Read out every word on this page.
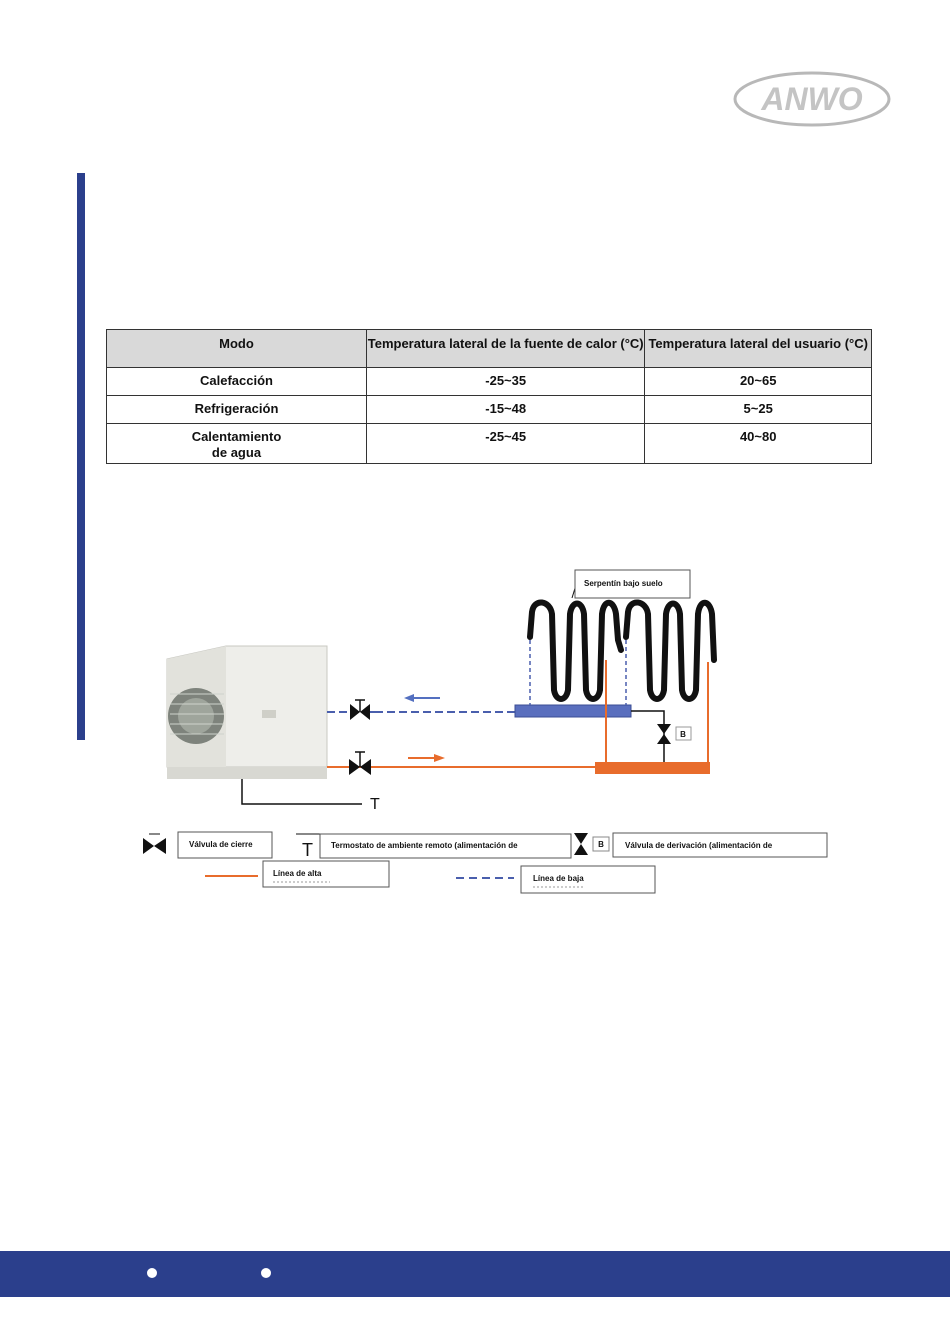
ANWO
Modo	Temperatura lateral de la fuente de calor (°C)	Temperatura lateral del usuario (°C)
Calefacción	-25~35	20~65
Refrigeración	-15~48	5~25
Calentamiento de agua	-25~45	40~80
T
B
Serpentín bajo suelo
Válvula de cierre	T Termostato de ambiente remoto (alimentación de	B	Válvula de derivación (alimentación de
Línea de alta
Línea de baja
